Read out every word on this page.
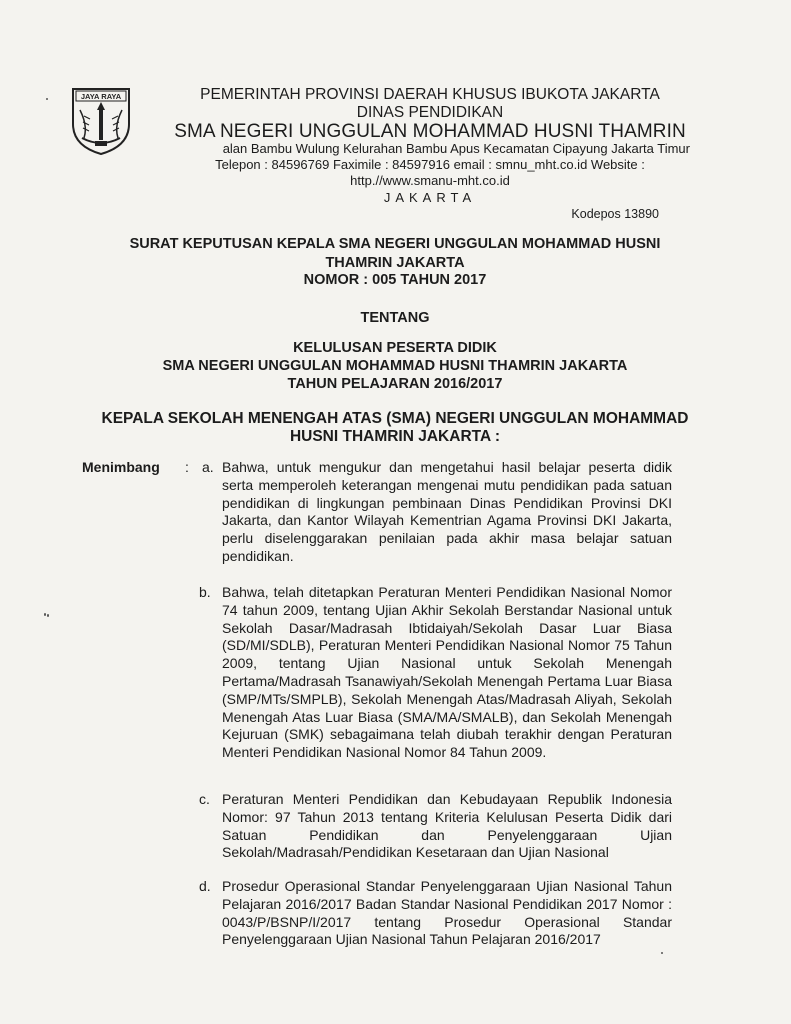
JAYA RAYA	PEMERINTAH PROVINSI DAERAH KHUSUS IBUKOTA JAKARTA
DINAS PENDIDIKAN
SMA NEGERI UNGGULAN MOHAMMAD HUSNI THAMRIN
alan Bambu Wulung Kelurahan Bambu Apus Kecamatan Cipayung Jakarta Timur
Telepon : 84596769 Faximile : 84597916 email : smnu_mht.co.id Website :
http.//www.smanu-mht.co.id
JAKARTA
Kodepos 13890
SURAT KEPUTUSAN KEPALA SMA NEGERI UNGGULAN MOHAMMAD HUSNI
THAMRIN JAKARTA
NOMOR : 005 TAHUN 2017
TENTANG
KELULUSAN PESERTA DIDIK
SMA NEGERI UNGGULAN MOHAMMAD HUSNI THAMRIN JAKARTA
TAHUN PELAJARAN 2016/2017
KEPALA SEKOLAH MENENGAH ATAS (SMA) NEGERI UNGGULAN MOHAMMAD
HUSNI THAMRIN JAKARTA :
Menimbang : a. Bahwa, untuk mengukur dan mengetahui hasil belajar peserta didik serta memperoleh keterangan mengenai mutu pendidikan pada satuan pendidikan di lingkungan pembinaan Dinas Pendidikan Provinsi DKI Jakarta, dan Kantor Wilayah Kementrian Agama Provinsi DKI Jakarta, perlu diselenggarakan penilaian pada akhir masa belajar satuan pendidikan.
b. Bahwa, telah ditetapkan Peraturan Menteri Pendidikan Nasional Nomor 74 tahun 2009, tentang Ujian Akhir Sekolah Berstandar Nasional untuk Sekolah Dasar/Madrasah Ibtidaiyah/Sekolah Dasar Luar Biasa (SD/MI/SDLB), Peraturan Menteri Pendidikan Nasional Nomor 75 Tahun 2009, tentang Ujian Nasional untuk Sekolah Menengah Pertama/Madrasah Tsanawiyah/Sekolah Menengah Pertama Luar Biasa (SMP/MTs/SMPLB), Sekolah Menengah Atas/Madrasah Aliyah, Sekolah Menengah Atas Luar Biasa (SMA/MA/SMALB), dan Sekolah Menengah Kejuruan (SMK) sebagaimana telah diubah terakhir dengan Peraturan Menteri Pendidikan Nasional Nomor 84 Tahun 2009.
c. Peraturan Menteri Pendidikan dan Kebudayaan Republik Indonesia Nomor: 97 Tahun 2013 tentang Kriteria Kelulusan Peserta Didik dari Satuan Pendidikan dan Penyelenggaraan Ujian Sekolah/Madrasah/Pendidikan Kesetaraan dan Ujian Nasional
d. Prosedur Operasional Standar Penyelenggaraan Ujian Nasional Tahun Pelajaran 2016/2017 Badan Standar Nasional Pendidikan 2017 Nomor : 0043/P/BSNP/I/2017 tentang Prosedur Operasional Standar Penyelenggaraan Ujian Nasional Tahun Pelajaran 2016/2017
